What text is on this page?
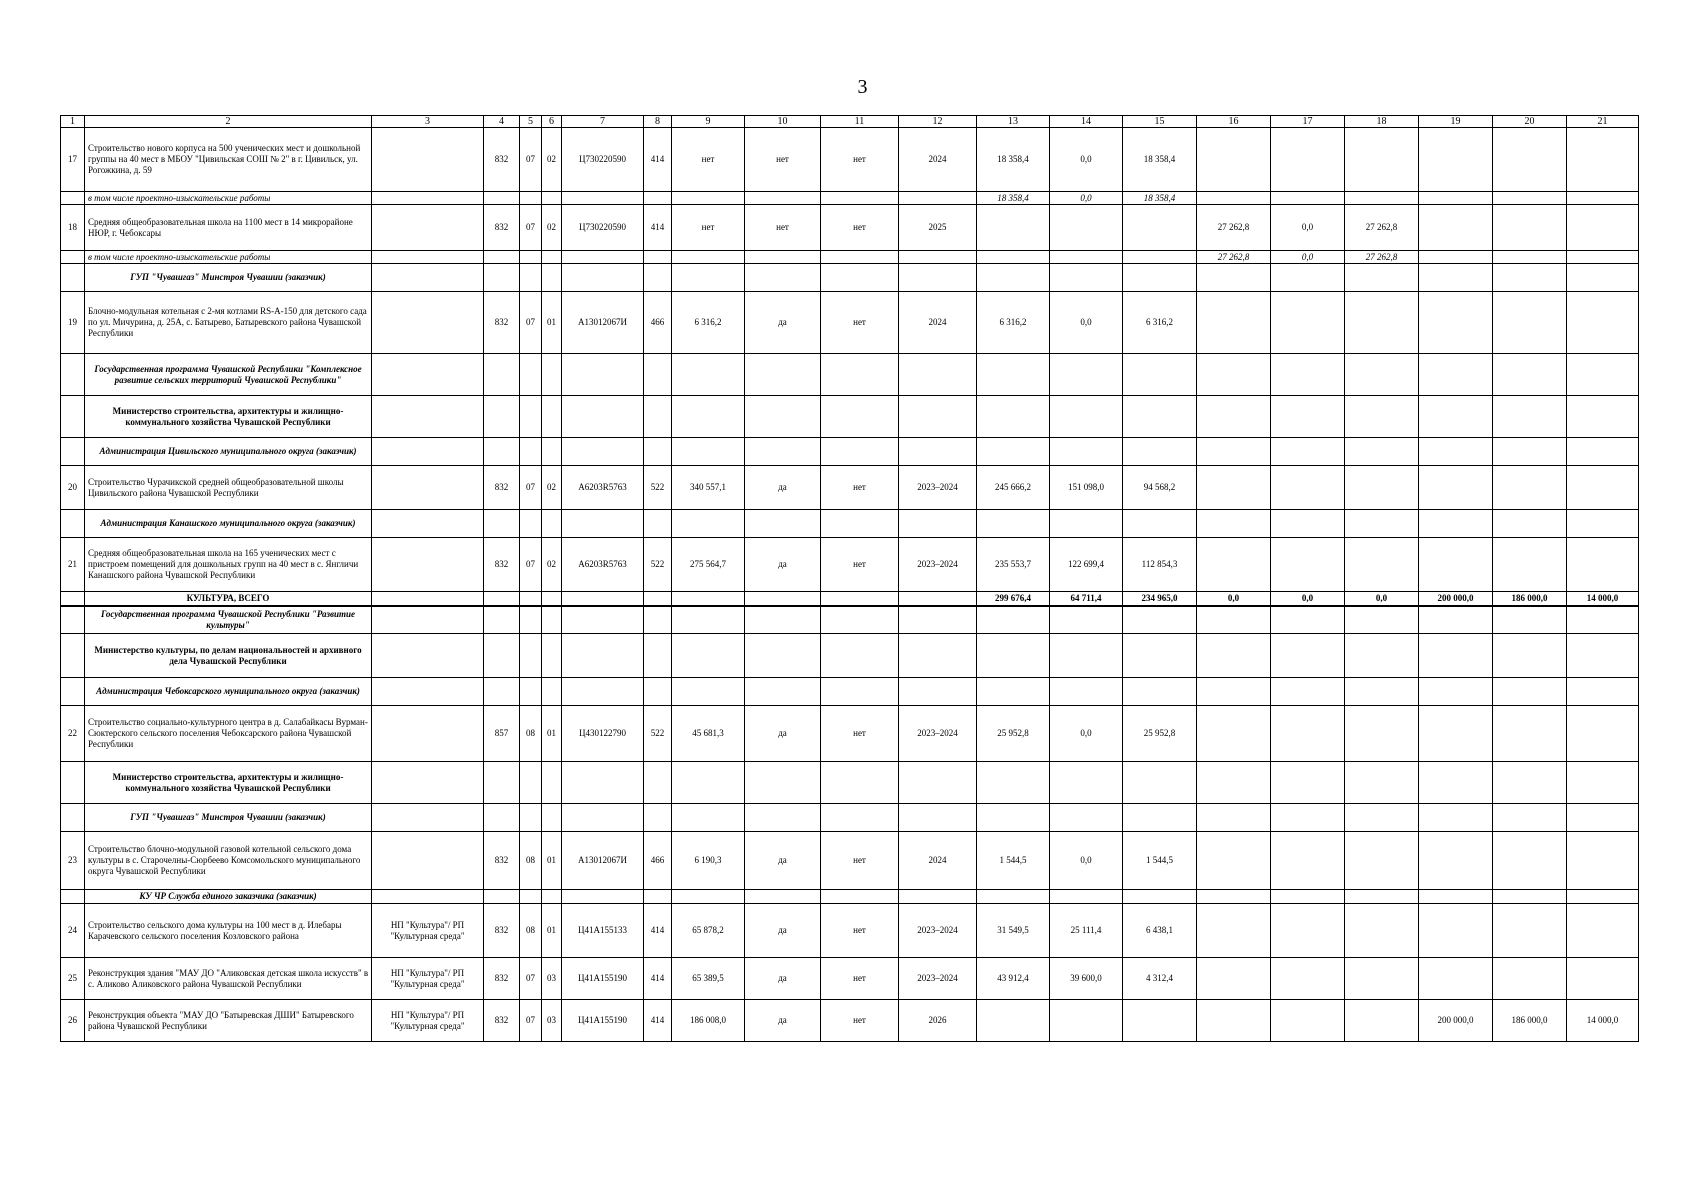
3
1	2	3	4	5	6	7	8	9	10	11	12	13	14	15	16	17	18	19	20	21
17	Строительство нового корпуса на 500 ученических мест и дошкольной группы на 40 мест в МБОУ "Цивильская СОШ № 2" в г. Цивильск, ул. Рогожкина, д. 59		832	07	02	Ц730220590	414	нет	нет	нет	2024	18 358,4	0,0	18 358,4						
	в том числе проектно-изыскательские работы											18 358,4	0,0	18 358,4						
18	Средняя общеобразовательная школа на 1100 мест в 14 микрорайоне НЮР, г. Чебоксары		832	07	02	Ц730220590	414	нет	нет	нет	2025				27 262,8	0,0	27 262,8			
	в том числе проектно-изыскательские работы														27 262,8	0,0	27 262,8			
	ГУП "Чувашгаз" Минстроя Чувашии (заказчик)																			
19	Блочно-модульная котельная с 2-мя котлами RS-A-150 для детского сада по ул. Мичурина, д. 25А, с. Батырево, Батыревского района Чувашской Республики		832	07	01	А13012067И	466	6 316,2	да	нет	2024	6 316,2	0,0	6 316,2						
	Государственная программа Чувашской Республики "Комплексное развитие сельских территорий Чувашской Республики"																			
	Министерство строительства, архитектуры и жилищно-коммунального хозяйства Чувашской Республики																			
	Администрация Цивильского муниципального округа (заказчик)																			
20	Строительство Чурачикской средней общеобразовательной школы Цивильского района Чувашской Республики		832	07	02	А6203R5763	522	340 557,1	да	нет	2023–2024	245 666,2	151 098,0	94 568,2						
	Администрация Канашского муниципального округа (заказчик)																			
21	Средняя общеобразовательная школа на 165 ученических мест с пристроем помещений для дошкольных групп на 40 мест в с. Янгличи Канашского района Чувашской Республики		832	07	02	А6203R5763	522	275 564,7	да	нет	2023–2024	235 553,7	122 699,4	112 854,3						
	КУЛЬТУРА, ВСЕГО											299 676,4	64 711,4	234 965,0	0,0	0,0	0,0	200 000,0	186 000,0	14 000,0
	Государственная программа Чувашской Республики "Развитие культуры"																			
	Министерство культуры, по делам национальностей и архивного дела Чувашской Республики																			
	Администрация Чебоксарского муниципального округа (заказчик)																			
22	Строительство социально-культурного центра в д. Салабайкасы Вурман-Сюктерского сельского поселения Чебоксарского района Чувашской Республики		857	08	01	Ц430122790	522	45 681,3	да	нет	2023–2024	25 952,8	0,0	25 952,8						
	Министерство строительства, архитектуры и жилищно-коммунального хозяйства Чувашской Республики																			
	ГУП "Чувашгаз" Минстроя Чувашии (заказчик)																			
23	Строительство блочно-модульной газовой котельной сельского дома культуры в с. Старочелны-Сюрбеево Комсомольского муниципального округа Чувашской Республики		832	08	01	А13012067И	466	6 190,3	да	нет	2024	1 544,5	0,0	1 544,5						
	КУ ЧР Служба единого заказчика (заказчик)																			
24	Строительство сельского дома культуры на 100 мест в д. Илебары Карачевского сельского поселения Козловского района	НП "Культура"/ РП "Культурная среда"	832	08	01	Ц41А155133	414	65 878,2	да	нет	2023–2024	31 549,5	25 111,4	6 438,1						
25	Реконструкция здания "МАУ ДО "Аликовская детская школа искусств" в с. Аликово Аликовского района Чувашской Республики	НП "Культура"/ РП "Культурная среда"	832	07	03	Ц41А155190	414	65 389,5	да	нет	2023–2024	43 912,4	39 600,0	4 312,4						
26	Реконструкция объекта "МАУ ДО "Батыревская ДШИ" Батыревского района Чувашской Республики	НП "Культура"/ РП "Культурная среда"	832	07	03	Ц41А155190	414	186 008,0	да	нет	2026							200 000,0	186 000,0	14 000,0
